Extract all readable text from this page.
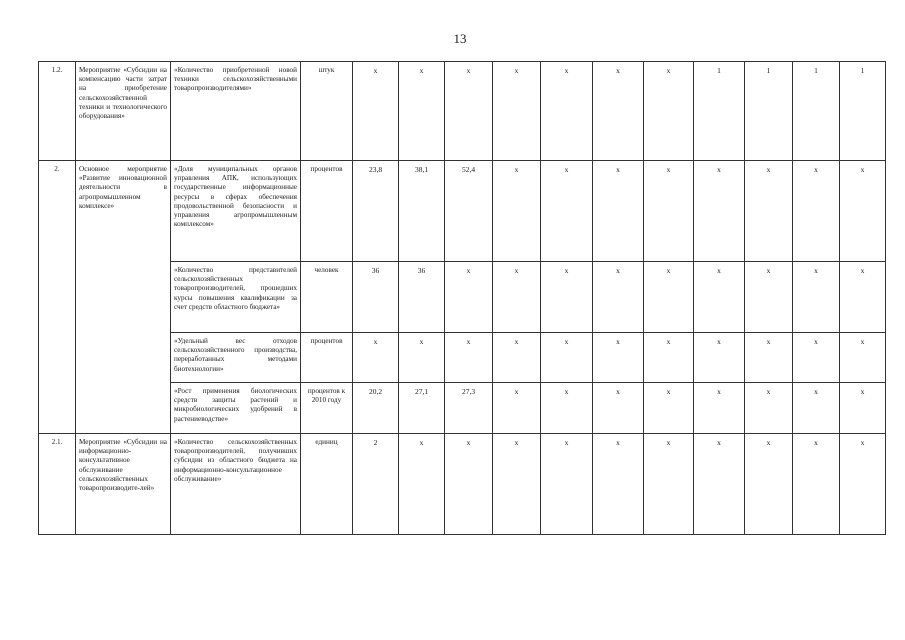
13
1.2.	Мероприятие «Субсидии на компенсацию части затрат на приобретение сельскохозяйственной техники и технологического оборудования»	«Количество приобретенной новой техники сельскохозяйственными товаропроизводителями»	штук	х	х	х	х	х	х	х	1	1	1	1
2.	Основное мероприятие «Развитие инновационной деятельности в агропромышленном комплексе»	«Доля муниципальных органов управления АПК, использующих государственные информационные ресурсы в сферах обеспечения продовольственной безопасности и управления агропромышленным комплексом»	процентов	23,8	38,1	52,4	х	х	х	х	х	х	х	х
		«Количество представителей сельскохозяйственных товаропроизводителей, прошедших курсы повышения квалификации за счет средств областного бюджета»	человек	36	36	х	х	х	х	х	х	х	х	х
		«Удельный вес отходов сельскохозяйственного производства, переработанных методами биотехнологии»	процентов	х	х	х	х	х	х	х	х	х	х	х
		«Рост применения биологических средств защиты растений и микробиологических удобрений в растениеводстве»	процентов к 2010 году	20,2	27,1	27,3	х	х	х	х	х	х	х	х
2.1.	Мероприятие «Субсидии на информационно-консультативное обслуживание сельскохозяйственных товаропроизводите-лей»	«Количество сельскохозяйственных товаропроизводителей, получивших субсидии из областного бюджета на информационно-консультационное обслуживание»	единиц	2	х	х	х	х	х	х	х	х	х	х
